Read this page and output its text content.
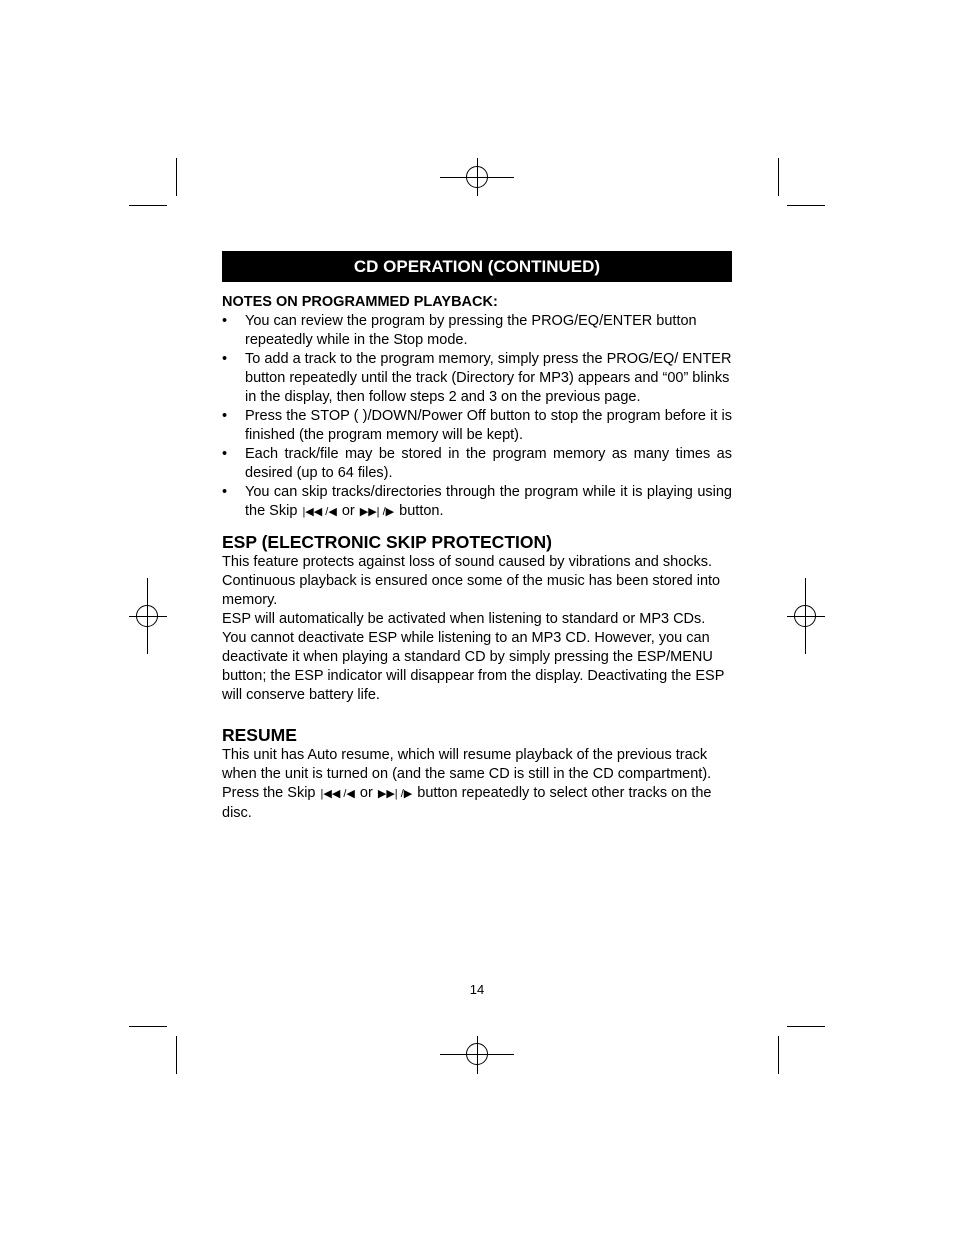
CD OPERATION (CONTINUED)
NOTES ON PROGRAMMED PLAYBACK:
• You can review the program by pressing the PROG/EQ/ENTER button repeatedly while in the Stop mode.
• To add a track to the program memory, simply press the PROG/EQ/ ENTER button repeatedly until the track (Directory for MP3) appears and “00” blinks in the display, then follow steps 2 and 3 on the previous page.
• Press the STOP ( )/DOWN/Power Off button to stop the program before it is finished (the program memory will be kept).
• Each track/file may be stored in the program memory as many times as desired (up to 64 files).
• You can skip tracks/directories through the program while it is playing using the Skip |◀◀ /◀ or ▶▶| /▶ button.
ESP (ELECTRONIC SKIP PROTECTION)

This feature protects against loss of sound caused by vibrations and shocks. Continuous playback is ensured once some of the music has been stored into memory.

ESP will automatically be activated when listening to standard or MP3 CDs. You cannot deactivate ESP while listening to an MP3 CD. However, you can deactivate it when playing a standard CD by simply pressing the ESP/MENU button; the ESP indicator will disappear from the display. Deactivating the ESP will conserve battery life.

RESUME

This unit has Auto resume, which will resume playback of the previous track when the unit is turned on (and the same CD is still in the CD compartment). Press the Skip |◀◀ /◀ or ▶▶| /▶ button repeatedly to select other tracks on the disc.

14
